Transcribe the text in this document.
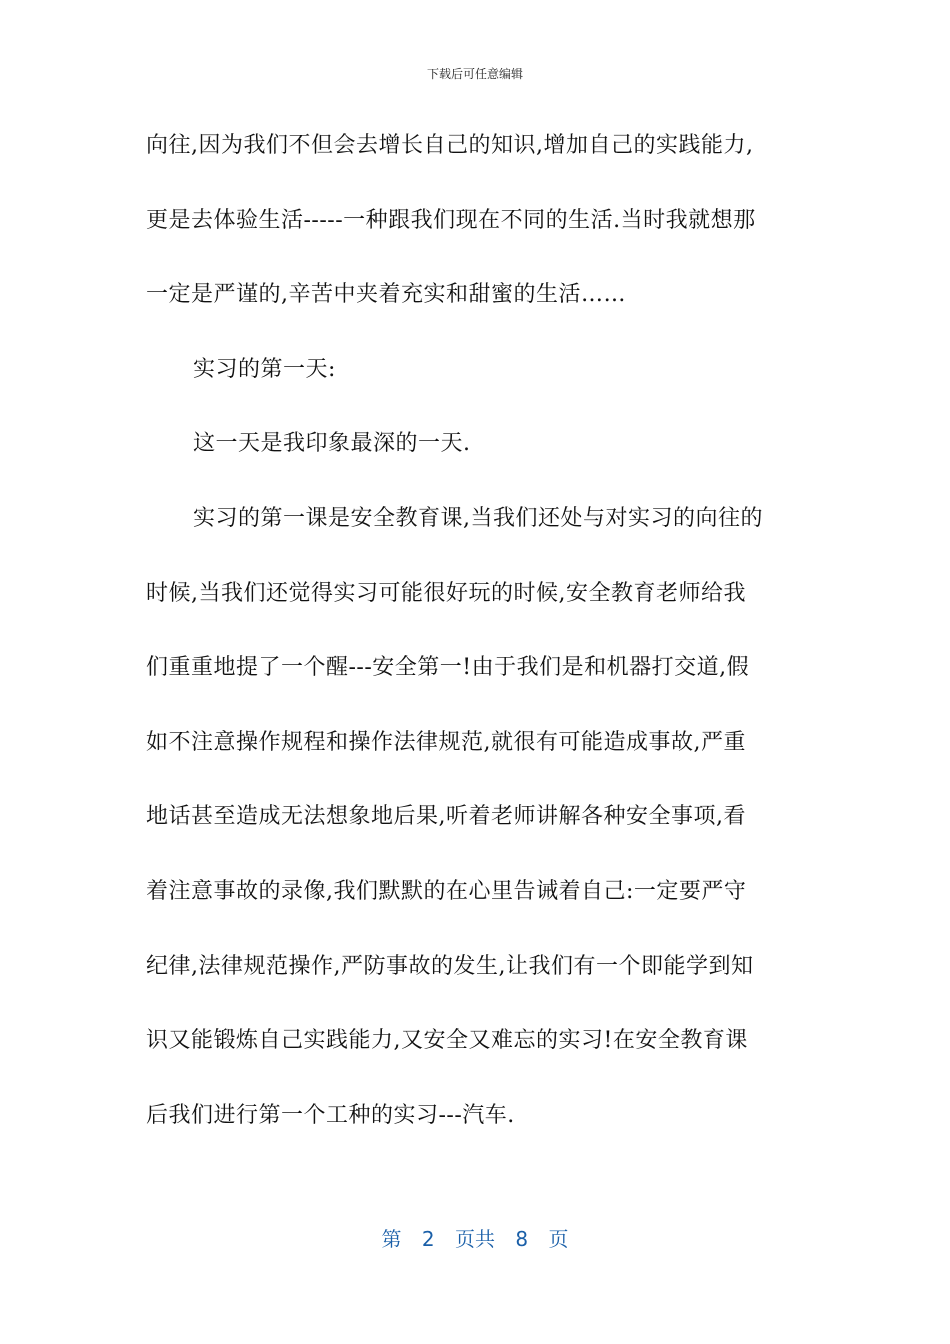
下载后可任意编辑
向往,因为我们不但会去增长自己的知识,增加自己的实践能力,
更是去体验生活-----一种跟我们现在不同的生活.当时我就想那
一定是严谨的,辛苦中夹着充实和甜蜜的生活……
实习的第一天:
这一天是我印象最深的一天.
实习的第一课是安全教育课,当我们还处与对实习的向往的
时候,当我们还觉得实习可能很好玩的时候,安全教育老师给我
们重重地提了一个醒---安全第一!由于我们是和机器打交道,假
如不注意操作规程和操作法律规范,就很有可能造成事故,严重
地话甚至造成无法想象地后果,听着老师讲解各种安全事项,看
着注意事故的录像,我们默默的在心里告诫着自己:一定要严守
纪律,法律规范操作,严防事故的发生,让我们有一个即能学到知
识又能锻炼自己实践能力,又安全又难忘的实习!在安全教育课
后我们进行第一个工种的实习---汽车.
第 2 页共 8 页
